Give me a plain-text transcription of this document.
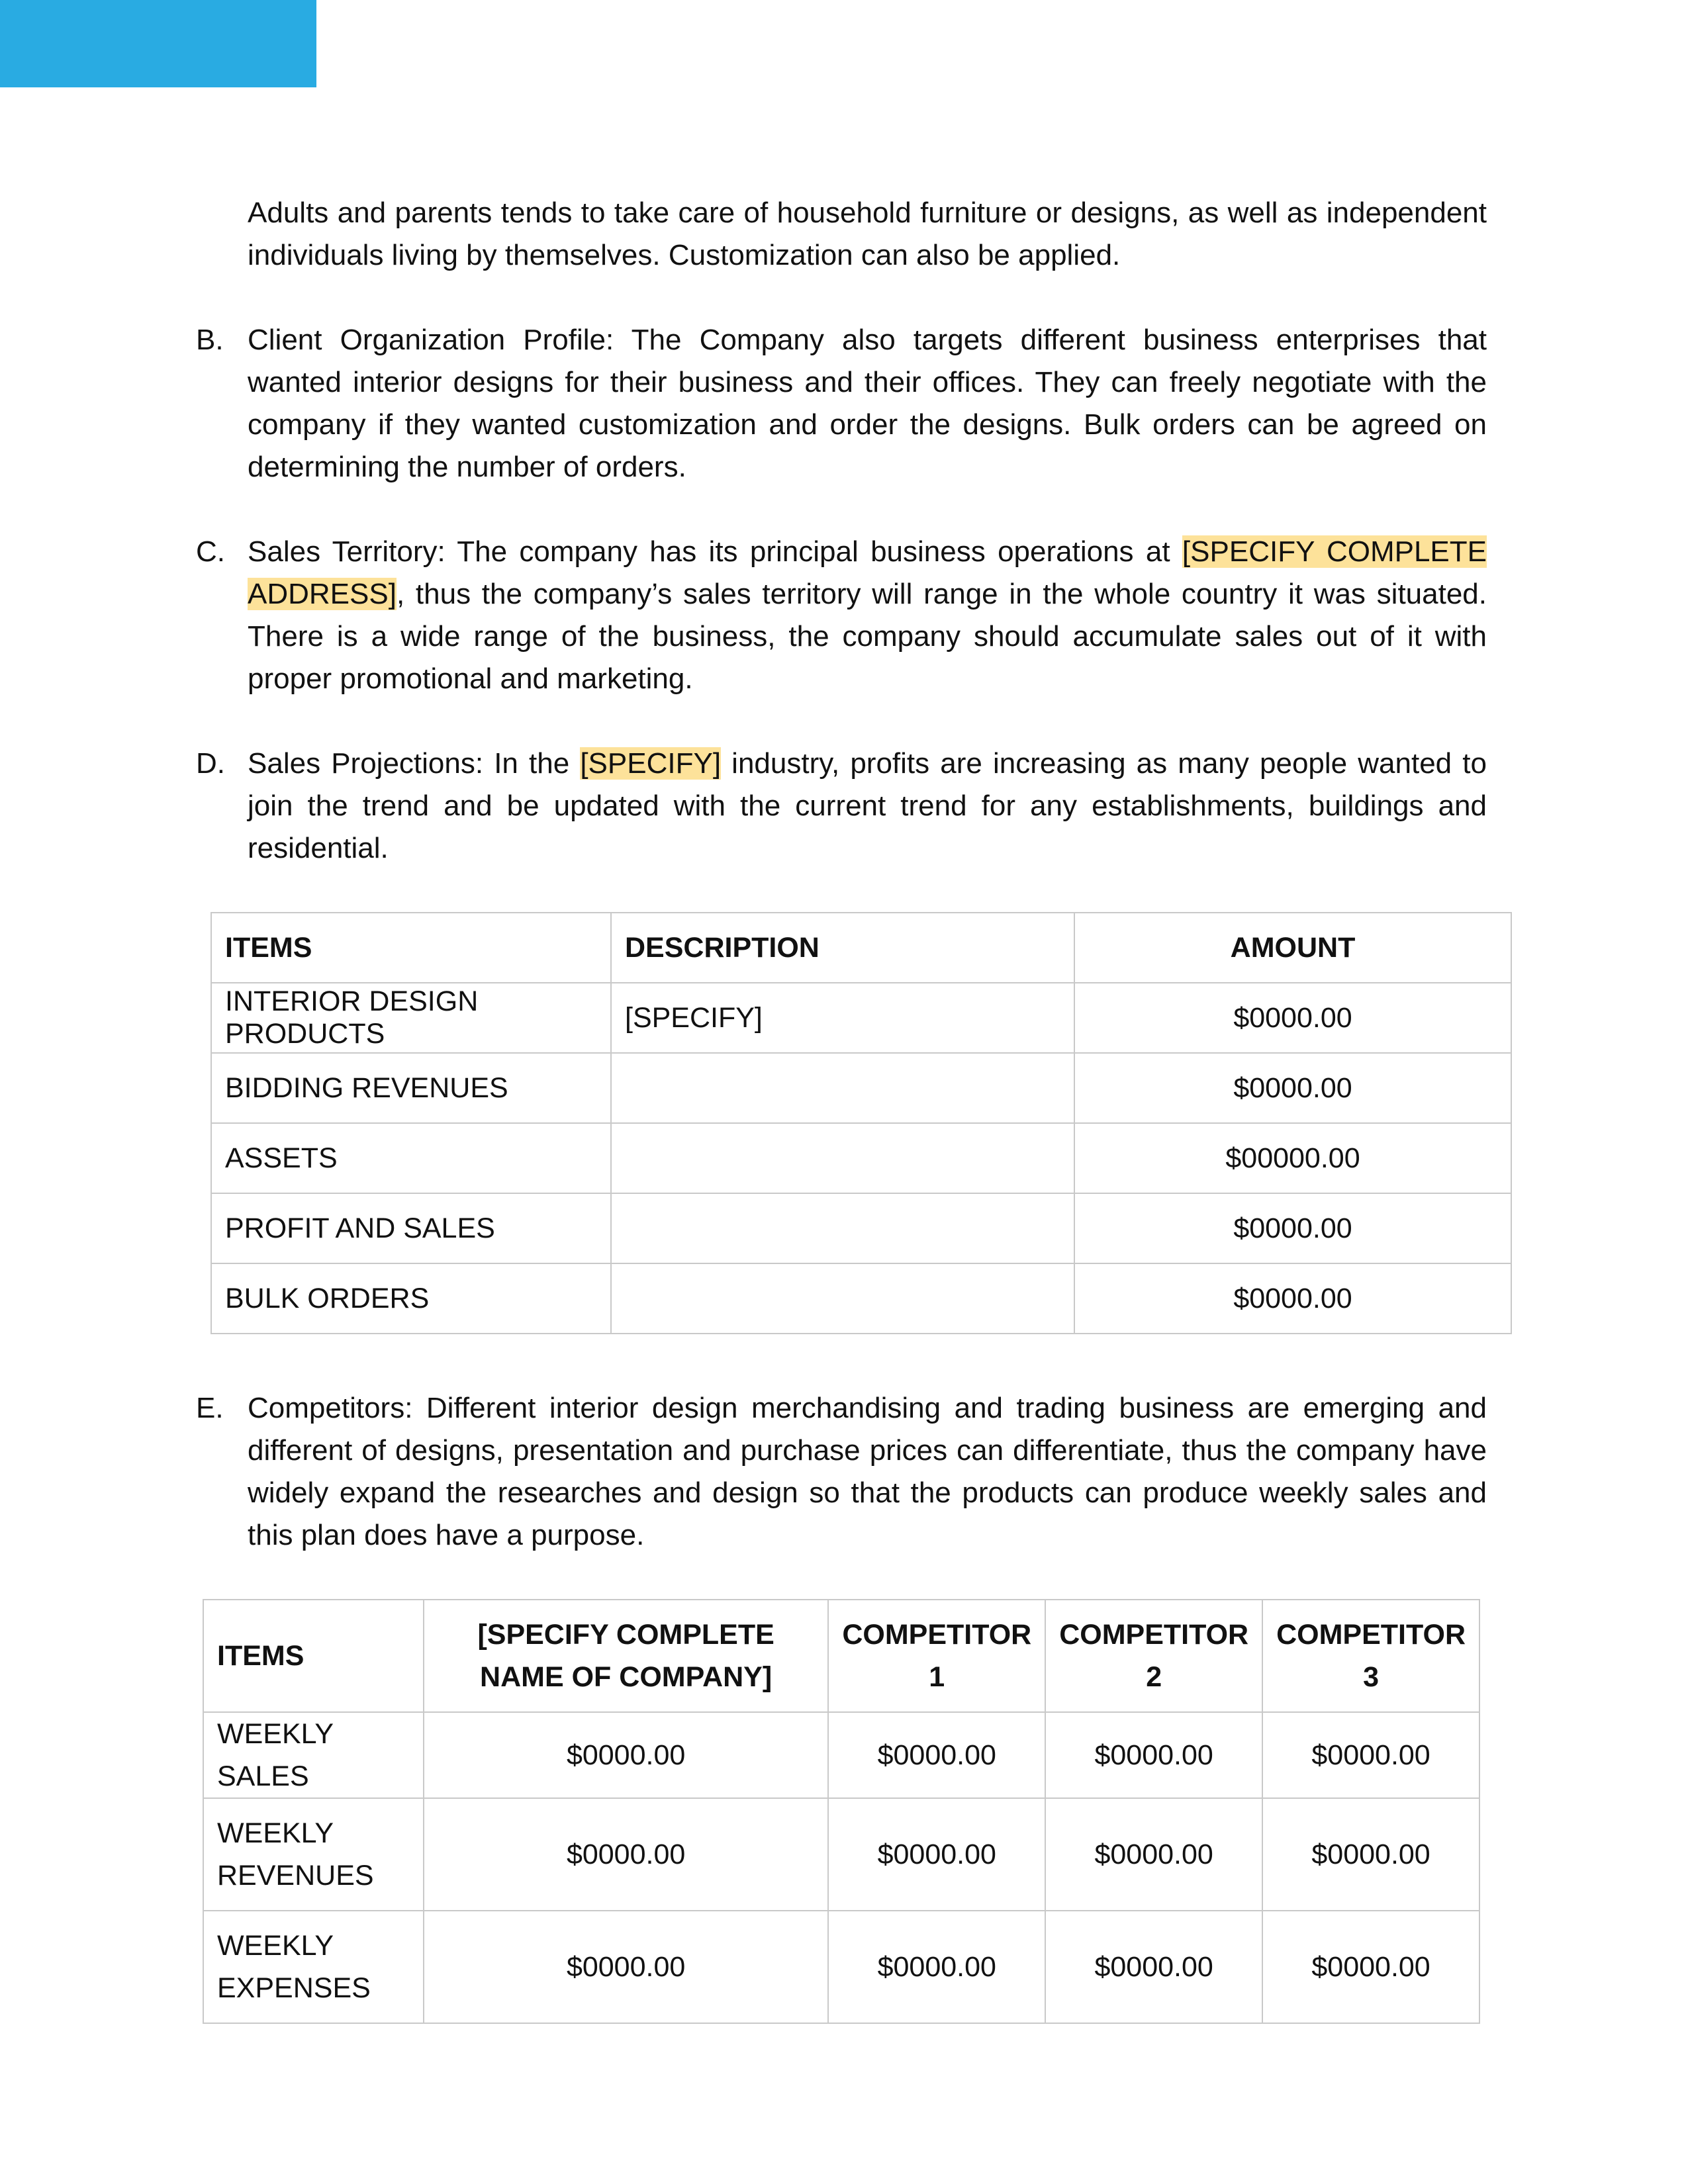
Adults and parents tends to take care of household furniture or designs, as well as independent individuals living by themselves. Customization can also be applied.

B. Client Organization Profile: The Company also targets different business enterprises that wanted interior designs for their business and their offices. They can freely negotiate with the company if they wanted customization and order the designs. Bulk orders can be agreed on determining the number of orders.

C. Sales Territory: The company has its principal business operations at [SPECIFY COMPLETE ADDRESS], thus the company’s sales territory will range in the whole country it was situated. There is a wide range of the business, the company should accumulate sales out of it with proper promotional and marketing.

D. Sales Projections: In the [SPECIFY] industry, profits are increasing as many people wanted to join the trend and be updated with the current trend for any establishments, buildings and residential.

ITEMS	DESCRIPTION	AMOUNT
INTERIOR DESIGN PRODUCTS	[SPECIFY]	$0000.00
BIDDING REVENUES		$0000.00
ASSETS		$00000.00
PROFIT AND SALES		$0000.00
BULK ORDERS		$0000.00

E. Competitors: Different interior design merchandising and trading business are emerging and different of designs, presentation and purchase prices can differentiate, thus the company have widely expand the researches and design so that the products can produce weekly sales and this plan does have a purpose.

ITEMS	[SPECIFY COMPLETE NAME OF COMPANY]	COMPETITOR 1	COMPETITOR 2	COMPETITOR 3
WEEKLY SALES	$0000.00	$0000.00	$0000.00	$0000.00
WEEKLY REVENUES	$0000.00	$0000.00	$0000.00	$0000.00
WEEKLY EXPENSES	$0000.00	$0000.00	$0000.00	$0000.00
